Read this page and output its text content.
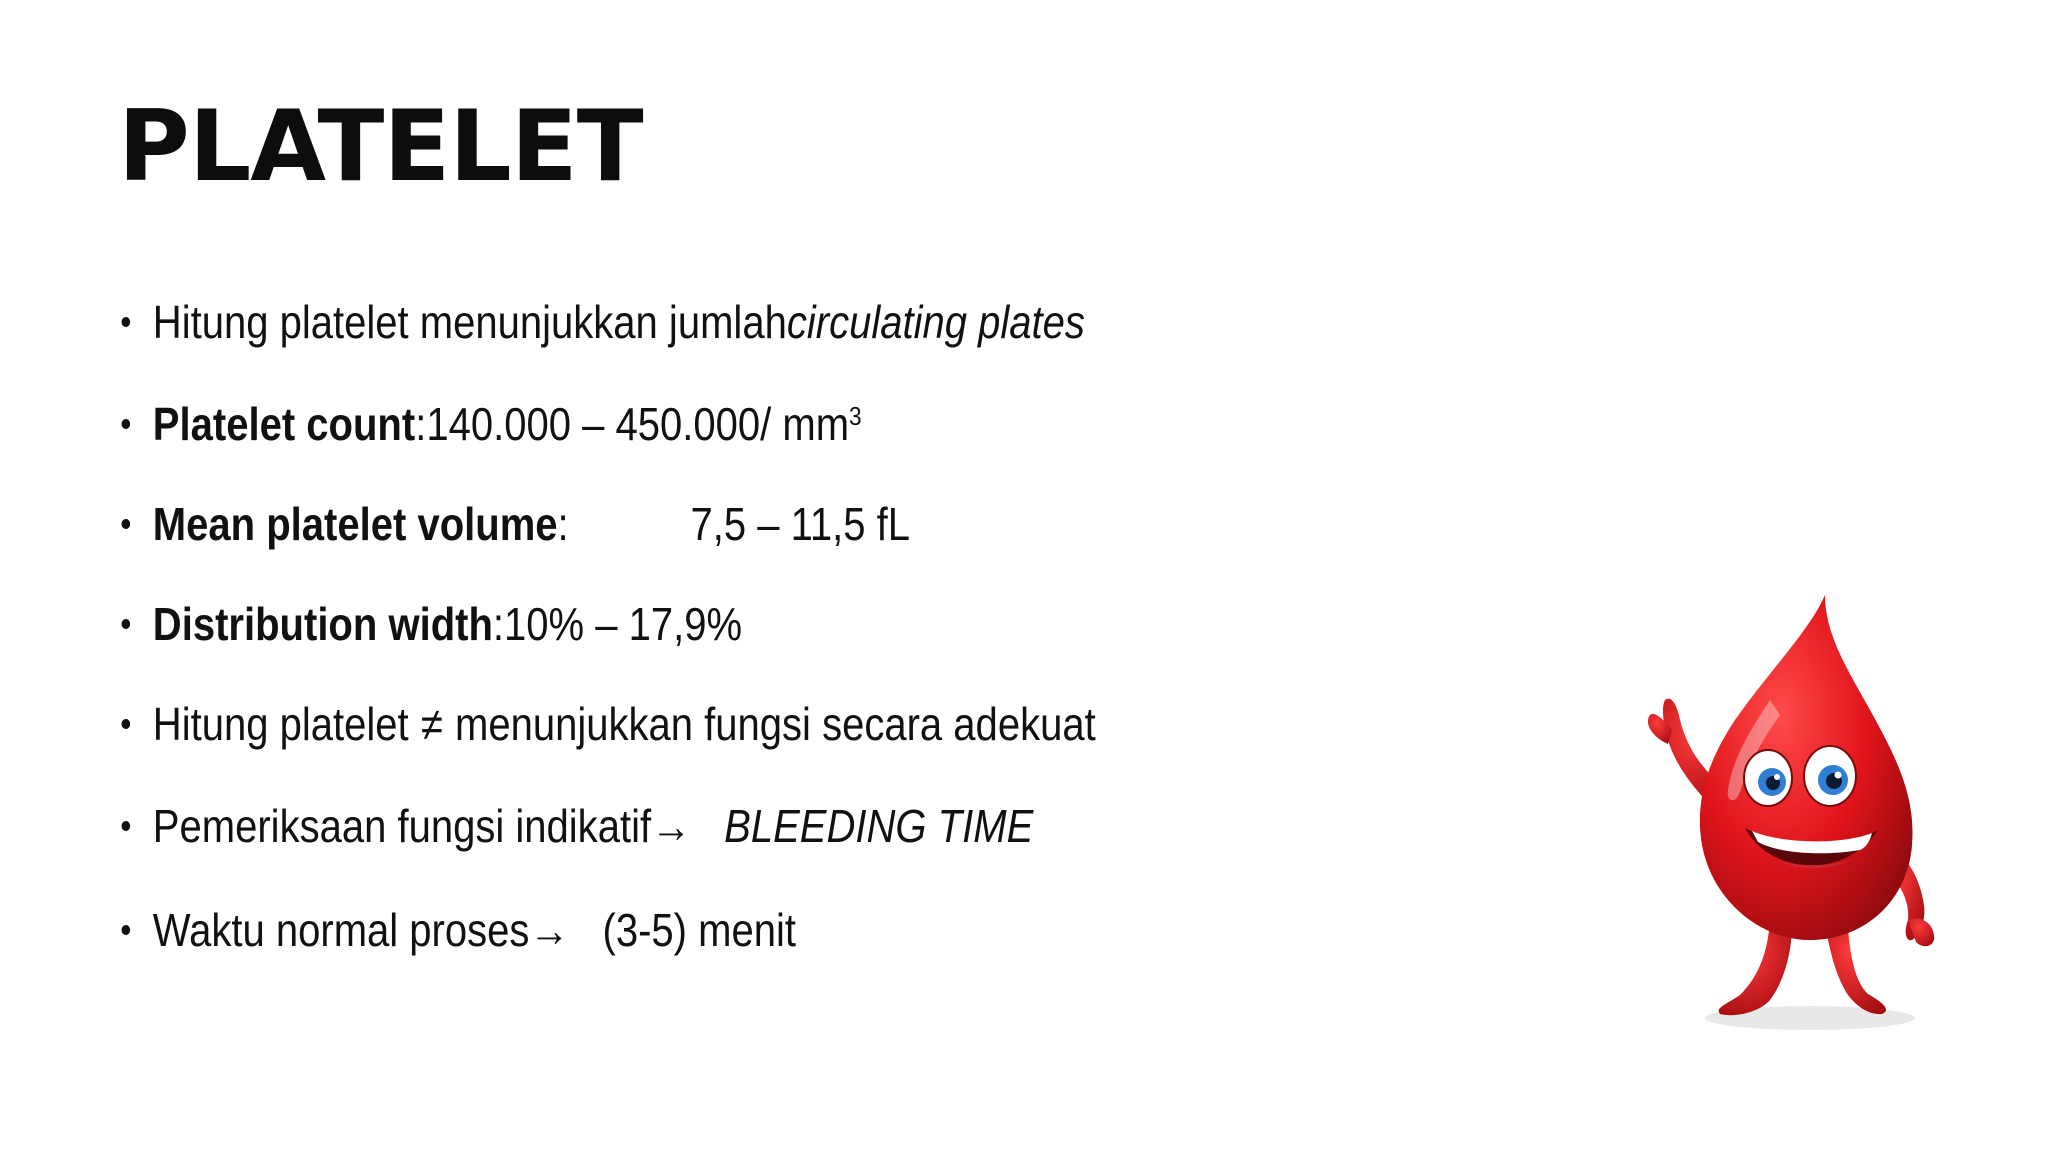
PLATELET
Hitung platelet menunjukkan jumlah circulating plates
Platelet count : 140.000 – 450.000/ $mm^3$
Mean platelet volume :	7,5 – 11,5 fL
Distribution width : 10% – 17,9%
Hitung platelet ≠ menunjukkan fungsi secara adekuat
Pemeriksaan fungsi indikatif → BLEEDING TIME
Waktu normal proses → (3-5) menit
